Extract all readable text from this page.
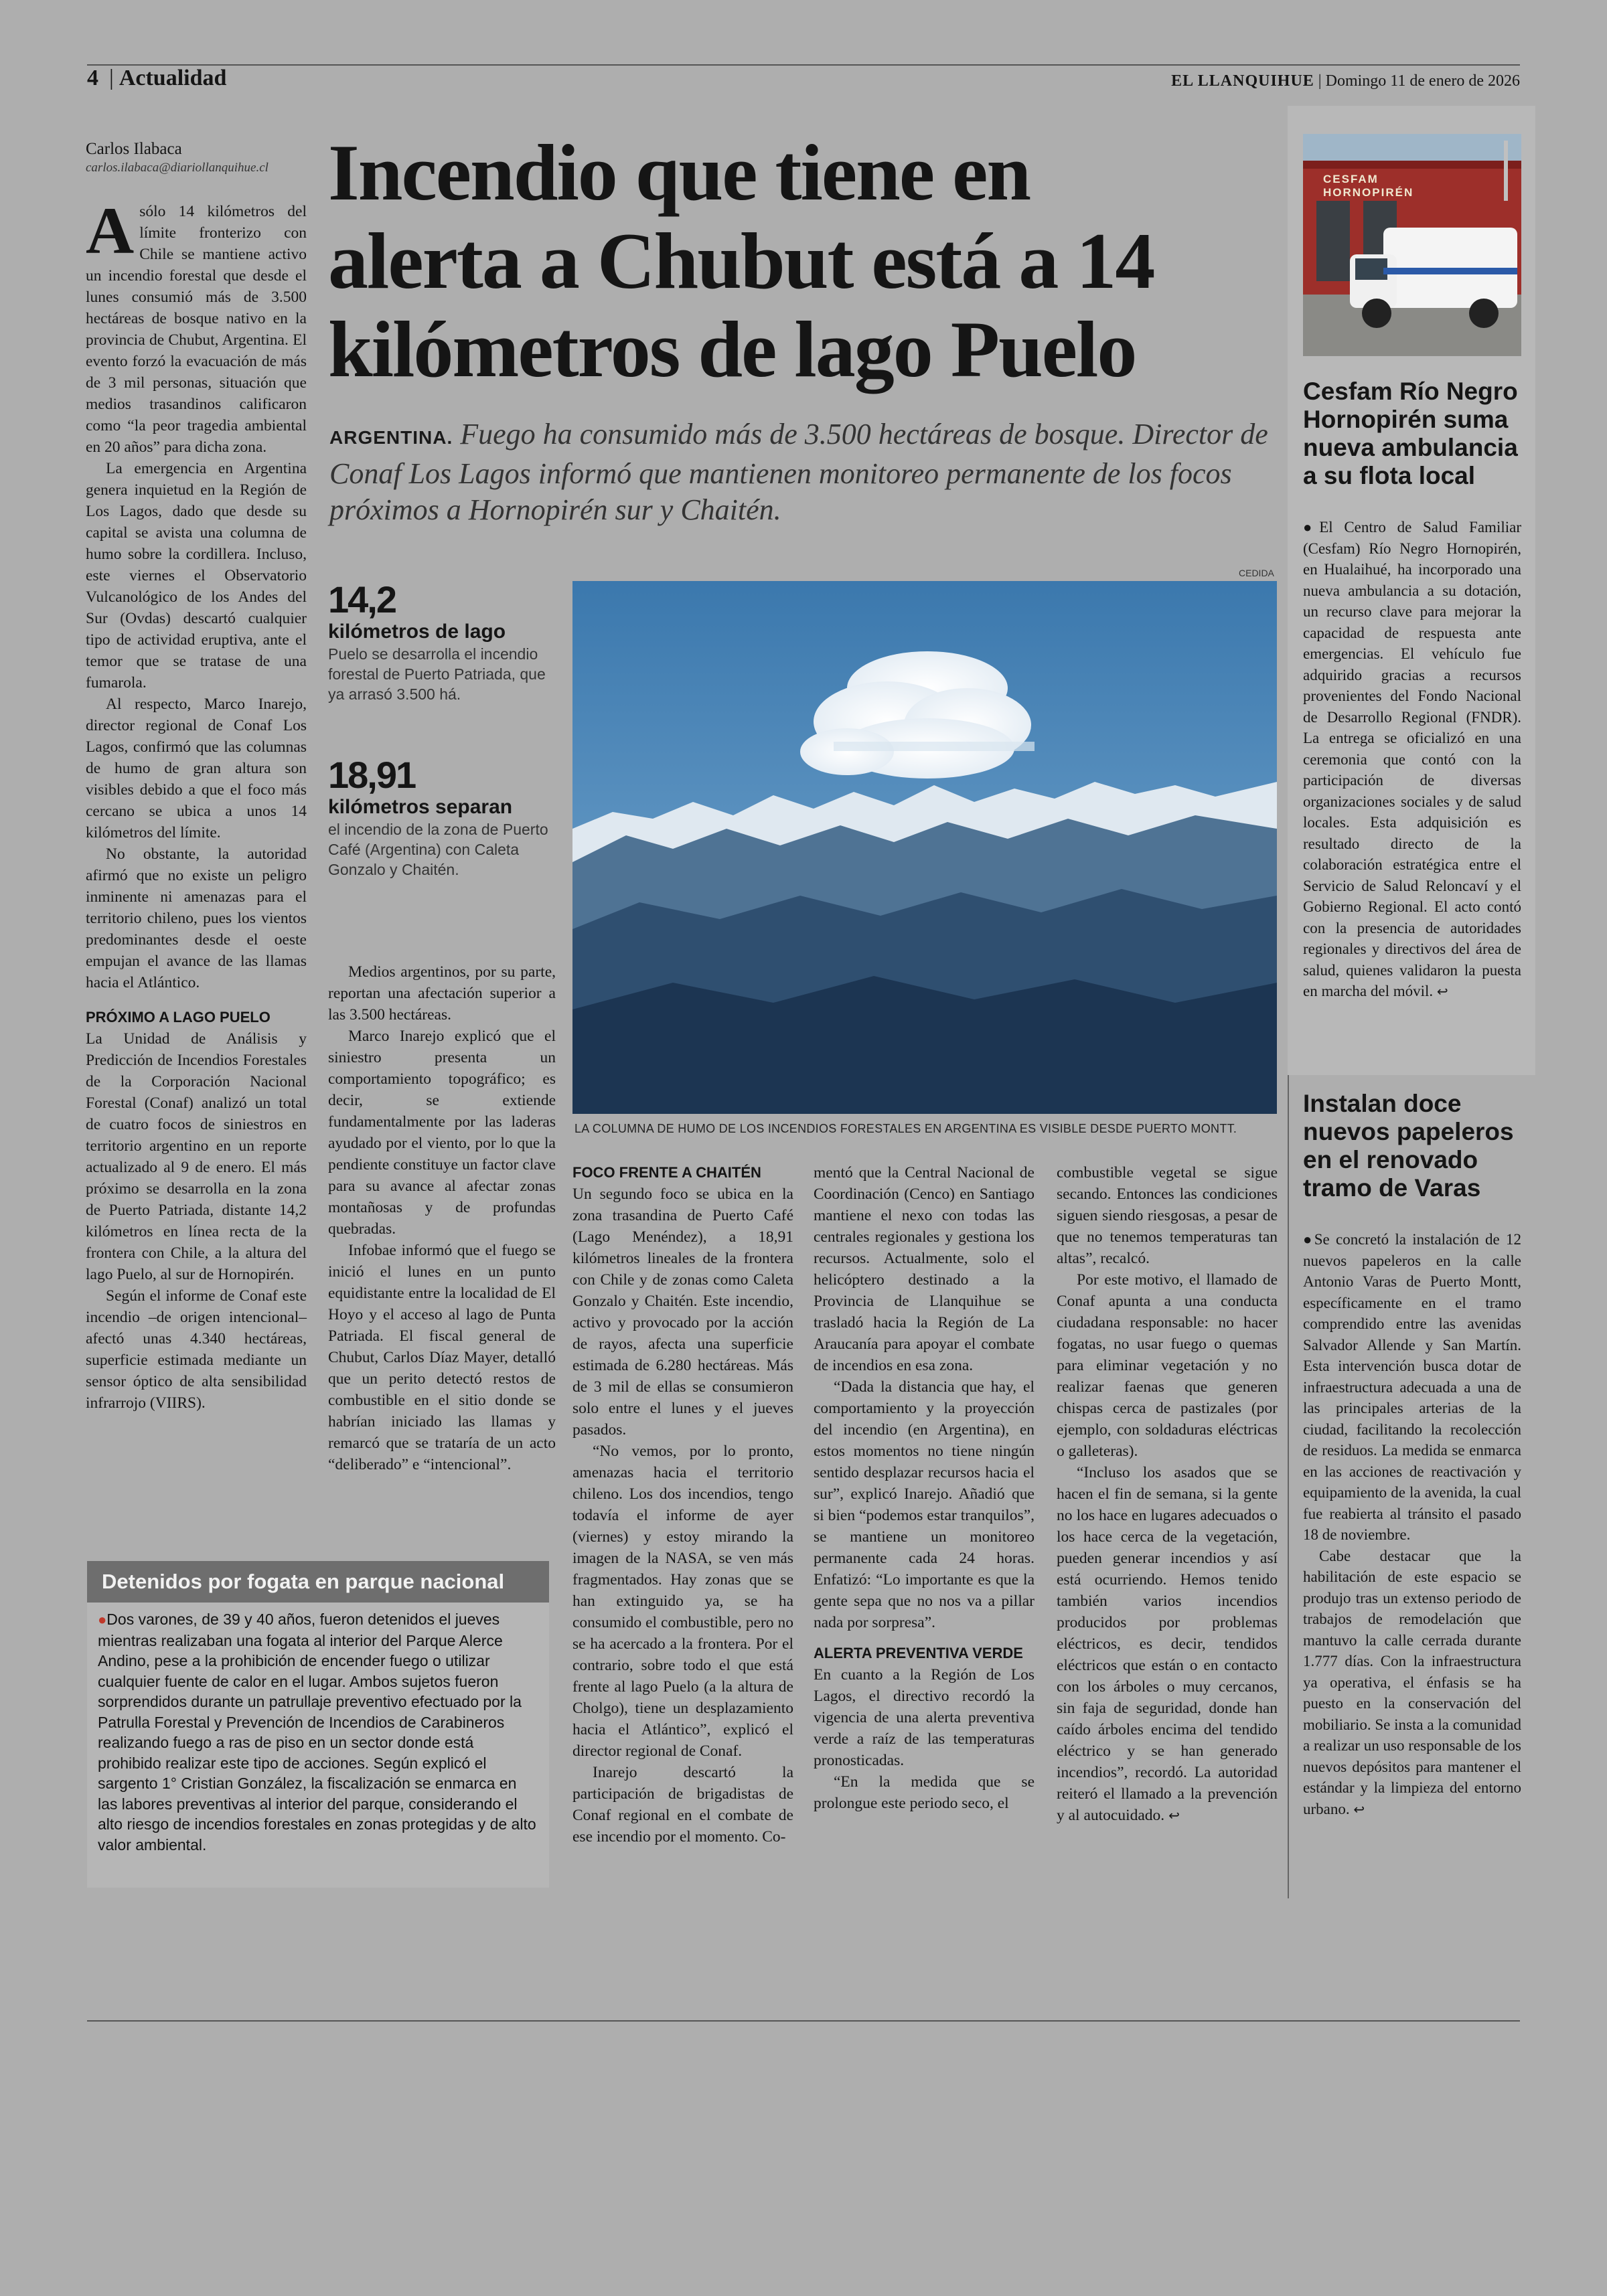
4 | Actualidad	EL LLANQUIHUE | Domingo 11 de enero de 2026
Carlos Ilabaca
carlos.ilabaca@diariollanquihue.cl Incendio que tiene en
alerta a Chubut está a 14
kilómetros de lago Puelo
ARGENTINA. Fuego ha consumido más de 3.500 hectáreas de bosque. Director de Conaf Los Lagos informó que mantienen monitoreo permanente de los focos próximos a Hornopirén sur y Chaitén.

Asólo 14 kilómetros del límite fronterizo con Chile se mantiene activo un incendio forestal que desde el lunes consumió más de 3.500 hectáreas de bosque nativo en la provincia de Chubut, Argentina. El evento forzó la evacuación de más de 3 mil personas, situación que medios trasandinos calificaron como “la peor tragedia ambiental en 20 años” para dicha zona.

La emergencia en Argentina genera inquietud en la Región de Los Lagos, dado que desde su capital se avista una columna de humo sobre la cordillera. Incluso, este viernes el Observatorio Vulcanológico de los Andes del Sur (Ovdas) descartó cualquier tipo de actividad eruptiva, ante el temor que se tratase de una fumarola.

Al respecto, Marco Inarejo, director regional de Conaf Los Lagos, confirmó que las columnas de humo de gran altura son visibles debido a que el foco más cercano se ubica a unos 14 kilómetros del límite.

No obstante, la autoridad afirmó que no existe un peligro inminente ni amenazas para el territorio chileno, pues los vientos predominantes desde el oeste empujan el avance de las llamas hacia el Atlántico.

PRÓXIMO A LAGO PUELO

La Unidad de Análisis y Predicción de Incendios Forestales de la Corporación Nacional Forestal (Conaf) analizó un total de cuatro focos de siniestros en territorio argentino en un reporte actualizado al 9 de enero. El más próximo se desarrolla en la zona de Puerto Patriada, distante 14,2 kilómetros en línea recta de la frontera con Chile, a la altura del lago Puelo, al sur de Hornopirén.

Según el informe de Conaf este incendio –de origen intencional– afectó unas 4.340 hectáreas, superficie estimada mediante un sensor óptico de alta sensibilidad infrarrojo (VIIRS).

14,2
kilómetros de lago
Puelo se desarrolla el incendio forestal de Puerto Patriada, que ya arrasó 3.500 há.
18,91
kilómetros separan
el incendio de la zona de Puerto Café (Argentina) con Caleta Gonzalo y Chaitén.

Medios argentinos, por su parte, reportan una afectación superior a las 3.500 hectáreas.

Marco Inarejo explicó que el siniestro presenta un comportamiento topográfico; es decir, se extiende fundamentalmente por las laderas ayudado por el viento, por lo que la pendiente constituye un factor clave para su avance al afectar zonas montañosas y de profundas quebradas.

Infobae informó que el fuego se inició el lunes en un punto equidistante entre la localidad de El Hoyo y el acceso al lago de Punta Patriada. El fiscal general de Chubut, Carlos Díaz Mayer, detalló que un perito detectó restos de combustible en el sitio donde se habrían iniciado las llamas y remarcó que se trataría de un acto “deliberado” e “intencional”.

CEDIDA
LA COLUMNA DE HUMO DE LOS INCENDIOS FORESTALES EN ARGENTINA ES VISIBLE DESDE PUERTO MONTT.
FOCO FRENTE A CHAITÉN

Un segundo foco se ubica en la zona trasandina de Puerto Café (Lago Menéndez), a 18,91 kilómetros lineales de la frontera con Chile y de zonas como Caleta Gonzalo y Chaitén. Este incendio, activo y provocado por la acción de rayos, afecta una superficie estimada de 6.280 hectáreas. Más de 3 mil de ellas se consumieron solo entre el lunes y el jueves pasados.

“No vemos, por lo pronto, amenazas hacia el territorio chileno. Los dos incendios, tengo todavía el informe de ayer (viernes) y estoy mirando la imagen de la NASA, se ven más fragmentados. Hay zonas que se han extinguido ya, se ha consumido el combustible, pero no se ha acercado a la frontera. Por el contrario, sobre todo el que está frente al lago Puelo (a la altura de Cholgo), tiene un desplazamiento hacia el Atlántico”, explicó el director regional de Conaf.

Inarejo descartó la participación de brigadistas de Conaf regional en el combate de ese incendio por el momento. Co-

mentó que la Central Nacional de Coordinación (Cenco) en Santiago mantiene el nexo con todas las centrales regionales y gestiona los recursos. Actualmente, solo el helicóptero destinado a la Provincia de Llanquihue se trasladó hacia la Región de La Araucanía para apoyar el combate de incendios en esa zona.

“Dada la distancia que hay, el comportamiento y la proyección del incendio (en Argentina), en estos momentos no tiene ningún sentido desplazar recursos hacia el sur”, explicó Inarejo. Añadió que si bien “podemos estar tranquilos”, se mantiene un monitoreo permanente cada 24 horas. Enfatizó: “Lo importante es que la gente sepa que no nos va a pillar nada por sorpresa”.

ALERTA PREVENTIVA VERDE

En cuanto a la Región de Los Lagos, el directivo recordó la vigencia de una alerta preventiva verde a raíz de las temperaturas pronosticadas.

“En la medida que se prolongue este periodo seco, el

combustible vegetal se sigue secando. Entonces las condiciones siguen siendo riesgosas, a pesar de que no tenemos temperaturas tan altas”, recalcó.

Por este motivo, el llamado de Conaf apunta a una conducta ciudadana responsable: no hacer fogatas, no usar fuego o quemas para eliminar vegetación y no realizar faenas que generen chispas cerca de pastizales (por ejemplo, con soldaduras eléctricas o galleteras).

“Incluso los asados que se hacen el fin de semana, si la gente no los hace en lugares adecuados o los hace cerca de la vegetación, pueden generar incendios y así está ocurriendo. Hemos tenido también varios incendios producidos por problemas eléctricos, es decir, tendidos eléctricos que están o en contacto con los árboles o muy cercanos, sin faja de seguridad, donde han caído árboles encima del tendido eléctrico y se han generado incendios”, recordó. La autoridad reiteró el llamado a la prevención y al autocuidado. ↩

Detenidos por fogata en parque nacional
●Dos varones, de 39 y 40 años, fueron detenidos el jueves mientras realizaban una fogata al interior del Parque Alerce Andino, pese a la prohibición de encender fuego o utilizar cualquier fuente de calor en el lugar. Ambos sujetos fueron sorprendidos durante un patrullaje preventivo efectuado por la Patrulla Forestal y Prevención de Incendios de Carabineros realizando fuego a ras de piso en un sector donde está prohibido realizar este tipo de acciones. Según explicó el sargento 1° Cristian González, la fiscalización se enmarca en las labores preventivas al interior del parque, considerando el alto riesgo de incendios forestales en zonas protegidas y de alto valor ambiental.
CESFAM HORNOPIRÉN
Cesfam Río Negro Hornopirén suma nueva ambulancia a su flota local

●El Centro de Salud Familiar (Cesfam) Río Negro Hornopirén, en Hualaihué, ha incorporado una nueva ambulancia a su dotación, un recurso clave para mejorar la capacidad de respuesta ante emergencias. El vehículo fue adquirido gracias a recursos provenientes del Fondo Nacional de Desarrollo Regional (FNDR). La entrega se oficializó en una ceremonia que contó con la participación de diversas organizaciones sociales y de salud locales. Esta adquisición es resultado directo de la colaboración estratégica entre el Servicio de Salud Reloncaví y el Gobierno Regional. El acto contó con la presencia de autoridades regionales y directivos del área de salud, quienes validaron la puesta en marcha del móvil. ↩

Instalan doce nuevos papeleros en el renovado tramo de Varas

●Se concretó la instalación de 12 nuevos papeleros en la calle Antonio Varas de Puerto Montt, específicamente en el tramo comprendido entre las avenidas Salvador Allende y San Martín. Esta intervención busca dotar de infraestructura adecuada a una de las principales arterias de la ciudad, facilitando la recolección de residuos. La medida se enmarca en las acciones de reactivación y equipamiento de la avenida, la cual fue reabierta al tránsito el pasado 18 de noviembre.

Cabe destacar que la habilitación de este espacio se produjo tras un extenso periodo de trabajos de remodelación que mantuvo la calle cerrada durante 1.777 días. Con la infraestructura ya operativa, el énfasis se ha puesto en la conservación del mobiliario. Se insta a la comunidad a realizar un uso responsable de los nuevos depósitos para mantener el estándar y la limpieza del entorno urbano. ↩
